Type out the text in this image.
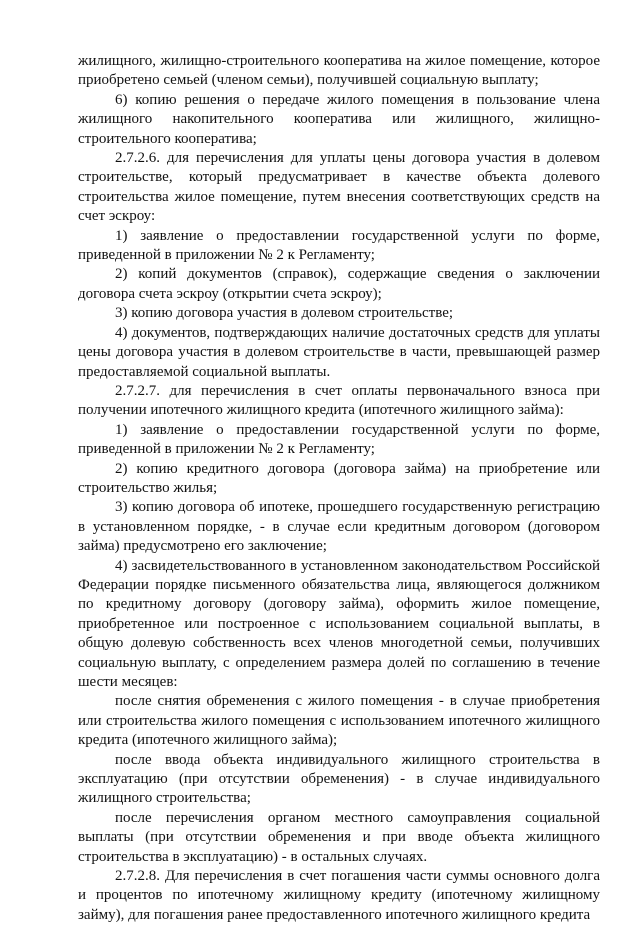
жилищного, жилищно-строительного кооператива на жилое помещение, которое приобретено семьей (членом семьи), получившей социальную выплату;

6) копию решения о передаче жилого помещения в пользование члена жилищного накопительного кооператива или жилищного, жилищно-строительного кооператива;

2.7.2.6. для перечисления для уплаты цены договора участия в долевом строительстве, который предусматривает в качестве объекта долевого строительства жилое помещение, путем внесения соответствующих средств на счет эскроу:

1) заявление о предоставлении государственной услуги по форме, приведенной в приложении № 2 к Регламенту;

2) копий документов (справок), содержащие сведения о заключении договора счета эскроу (открытии счета эскроу);

3) копию договора участия в долевом строительстве;

4) документов, подтверждающих наличие достаточных средств для уплаты цены договора участия в долевом строительстве в части, превышающей размер предоставляемой социальной выплаты.

2.7.2.7. для перечисления в счет оплаты первоначального взноса при получении ипотечного жилищного кредита (ипотечного жилищного займа):

1) заявление о предоставлении государственной услуги по форме, приведенной в приложении № 2 к Регламенту;

2) копию кредитного договора (договора займа) на приобретение или строительство жилья;

3) копию договора об ипотеке, прошедшего государственную регистрацию в установленном порядке, - в случае если кредитным договором (договором займа) предусмотрено его заключение;

4) засвидетельствованного в установленном законодательством Российской Федерации порядке письменного обязательства лица, являющегося должником по кредитному договору (договору займа), оформить жилое помещение, приобретенное или построенное с использованием социальной выплаты, в общую долевую собственность всех членов многодетной семьи, получивших социальную выплату, с определением размера долей по соглашению в течение шести месяцев:

после снятия обременения с жилого помещения - в случае приобретения или строительства жилого помещения с использованием ипотечного жилищного кредита (ипотечного жилищного займа);

после ввода объекта индивидуального жилищного строительства в эксплуатацию (при отсутствии обременения) - в случае индивидуального жилищного строительства;

после перечисления органом местного самоуправления социальной выплаты (при отсутствии обременения и при вводе объекта жилищного строительства в эксплуатацию) - в остальных случаях.

2.7.2.8. Для перечисления в счет погашения части суммы основного долга и процентов по ипотечному жилищному кредиту (ипотечному жилищному займу), для погашения ранее предоставленного ипотечного жилищного кредита
